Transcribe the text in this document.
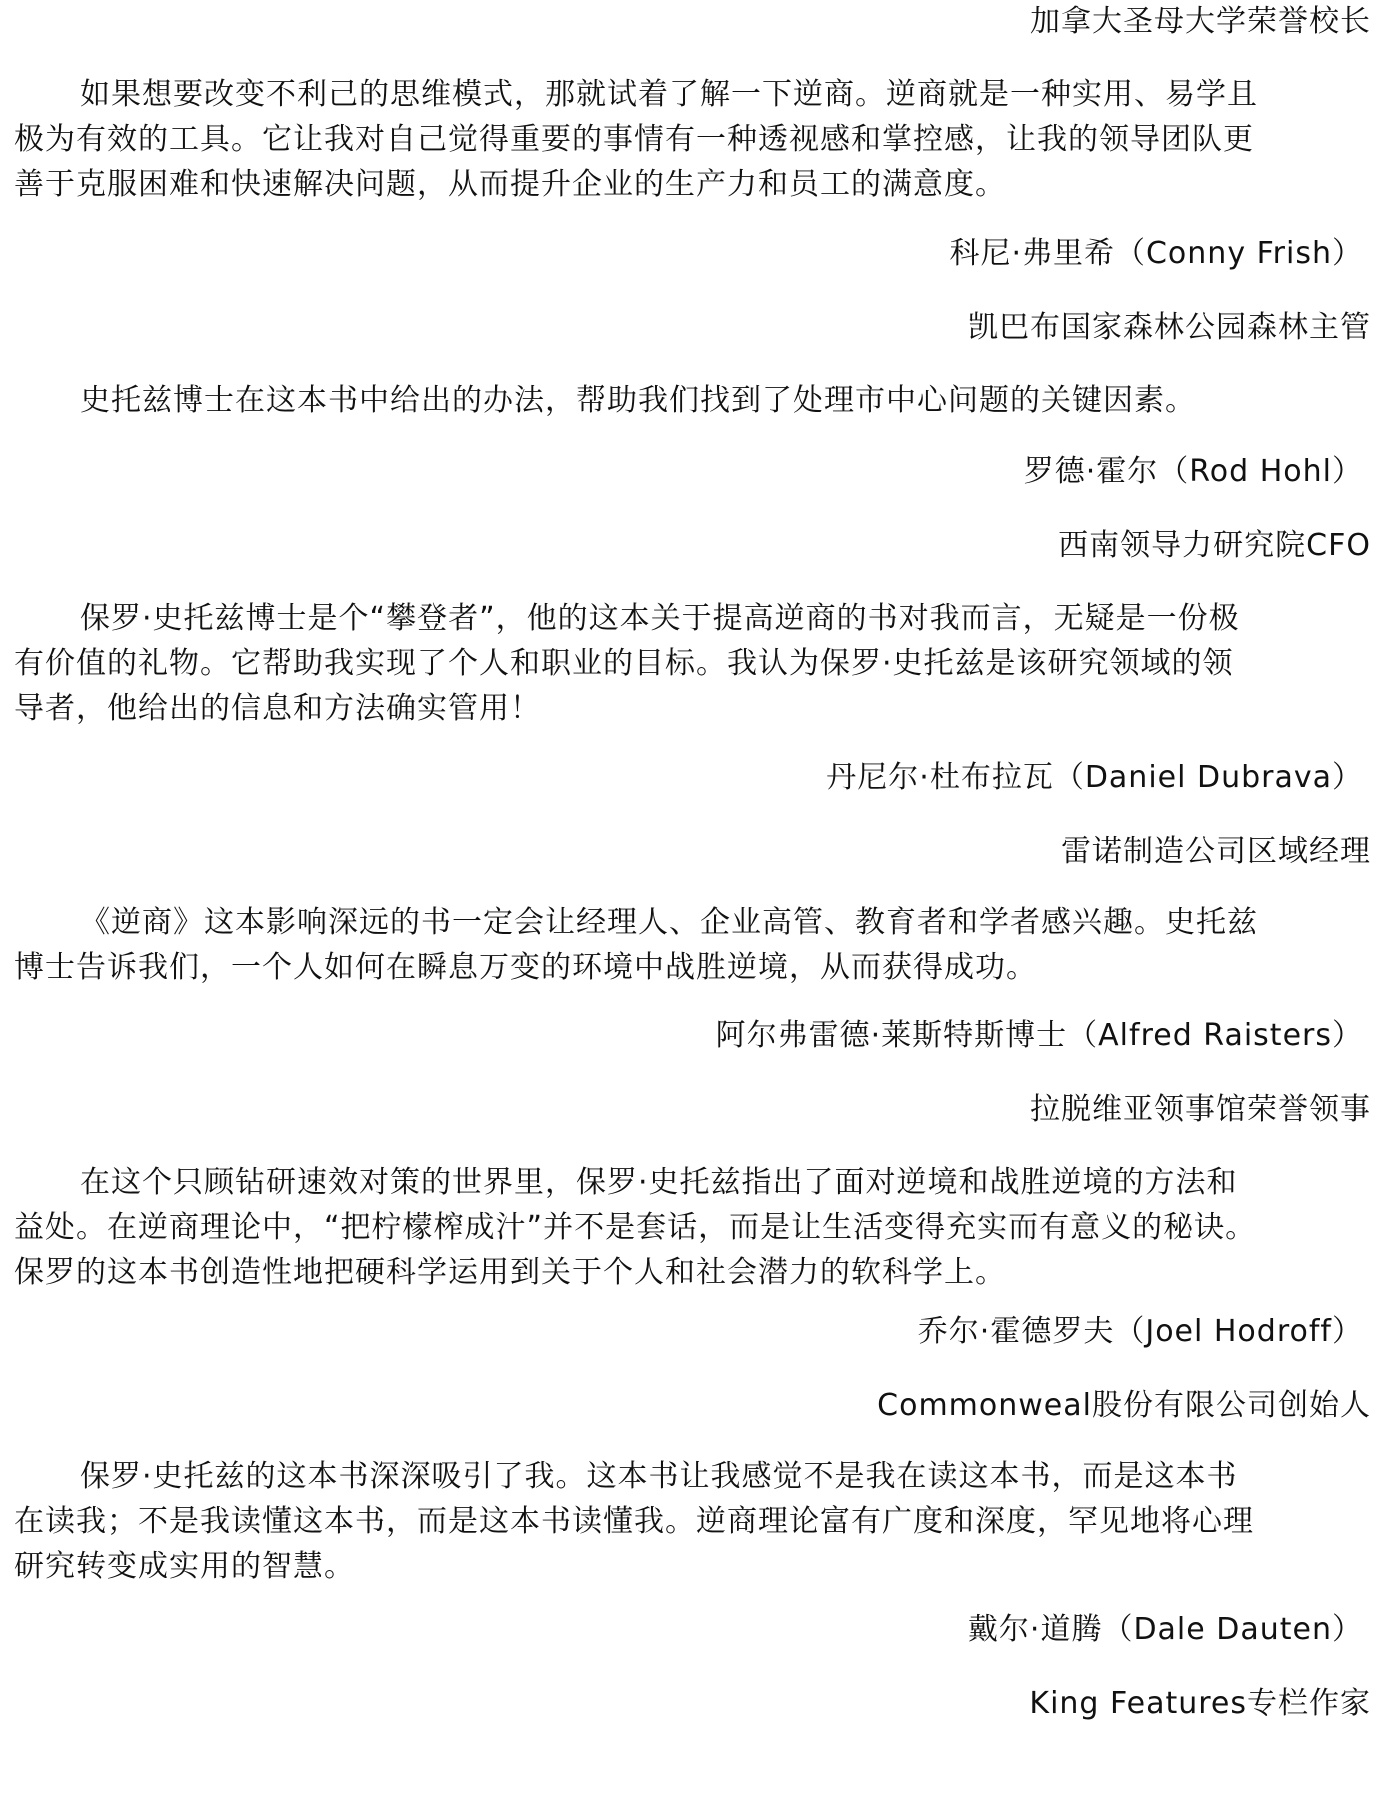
加拿大圣母大学荣誉校长
如果想要改变不利己的思维模式，那就试着了解一下逆商。逆商就是一种实用、易学且
极为有效的工具。它让我对自己觉得重要的事情有一种透视感和掌控感，让我的领导团队更
善于克服困难和快速解决问题，从而提升企业的生产力和员工的满意度。
科尼·弗里希（Conny Frish）
凯巴布国家森林公园森林主管
史托兹博士在这本书中给出的办法，帮助我们找到了处理市中心问题的关键因素。
罗德·霍尔（Rod Hohl）
西南领导力研究院CFO
保罗·史托兹博士是个“攀登者”，他的这本关于提高逆商的书对我而言，无疑是一份极
有价值的礼物。它帮助我实现了个人和职业的目标。我认为保罗·史托兹是该研究领域的领
导者，他给出的信息和方法确实管用！
丹尼尔·杜布拉瓦（Daniel Dubrava）
雷诺制造公司区域经理
《逆商》这本影响深远的书一定会让经理人、企业高管、教育者和学者感兴趣。史托兹
博士告诉我们，一个人如何在瞬息万变的环境中战胜逆境，从而获得成功。
阿尔弗雷德·莱斯特斯博士（Alfred Raisters）
拉脱维亚领事馆荣誉领事
在这个只顾钻研速效对策的世界里，保罗·史托兹指出了面对逆境和战胜逆境的方法和
益处。在逆商理论中，“把柠檬榨成汁”并不是套话，而是让生活变得充实而有意义的秘诀。
保罗的这本书创造性地把硬科学运用到关于个人和社会潜力的软科学上。
乔尔·霍德罗夫（Joel Hodroff）
Commonweal股份有限公司创始人
保罗·史托兹的这本书深深吸引了我。这本书让我感觉不是我在读这本书，而是这本书
在读我；不是我读懂这本书，而是这本书读懂我。逆商理论富有广度和深度，罕见地将心理
研究转变成实用的智慧。
戴尔·道腾（Dale Dauten）
King Features专栏作家
